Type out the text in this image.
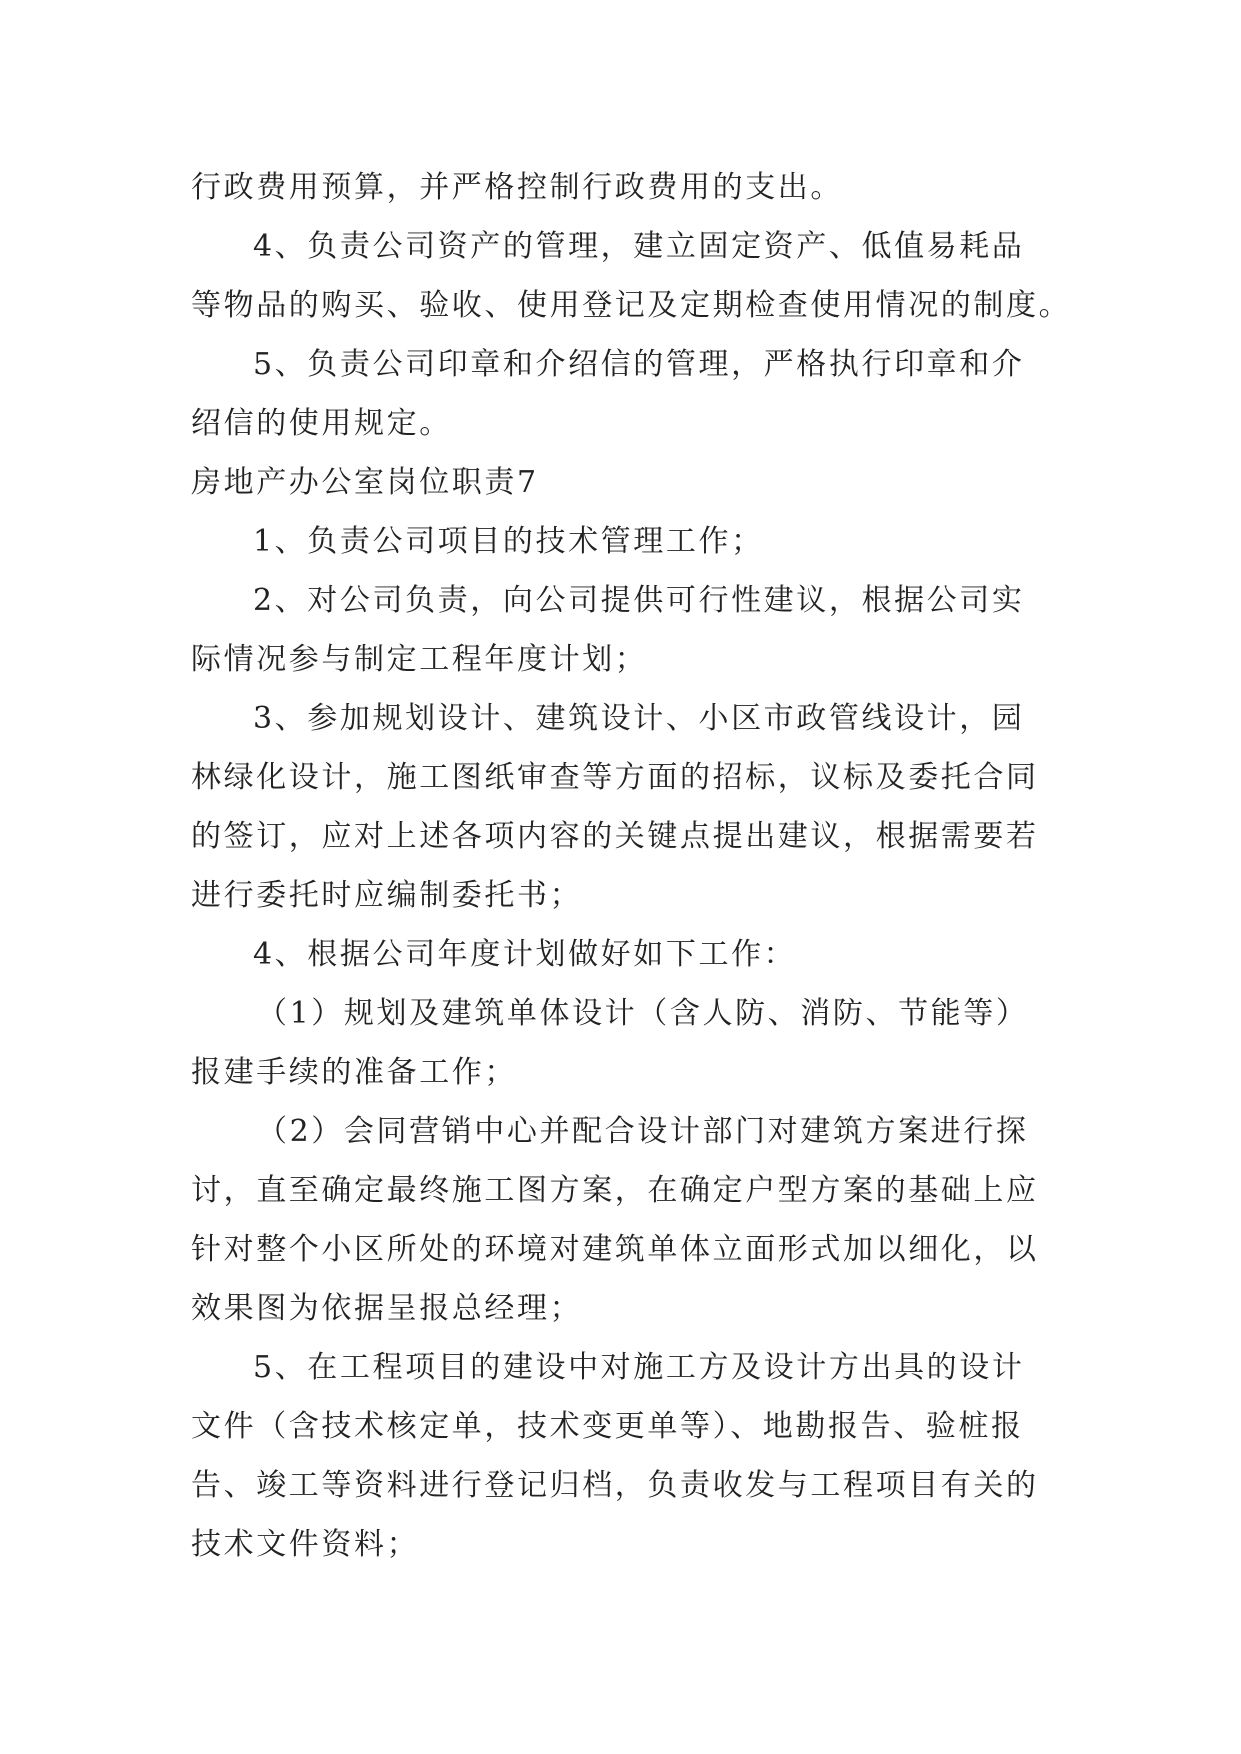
行政费用预算，并严格控制行政费用的支出。
4、负责公司资产的管理，建立固定资产、低值易耗品
等物品的购买、验收、使用登记及定期检查使用情况的制度。
5、负责公司印章和介绍信的管理，严格执行印章和介
绍信的使用规定。
房地产办公室岗位职责7
1、负责公司项目的技术管理工作；
2、对公司负责，向公司提供可行性建议，根据公司实
际情况参与制定工程年度计划；
3、参加规划设计、建筑设计、小区市政管线设计，园
林绿化设计，施工图纸审查等方面的招标，议标及委托合同
的签订，应对上述各项内容的关键点提出建议，根据需要若
进行委托时应编制委托书；
4、根据公司年度计划做好如下工作：
（1）规划及建筑单体设计（含人防、消防、节能等）
报建手续的准备工作；
（2）会同营销中心并配合设计部门对建筑方案进行探
讨，直至确定最终施工图方案，在确定户型方案的基础上应
针对整个小区所处的环境对建筑单体立面形式加以细化，以
效果图为依据呈报总经理；
5、在工程项目的建设中对施工方及设计方出具的设计
文件（含技术核定单，技术变更单等）、地勘报告、验桩报
告、竣工等资料进行登记归档，负责收发与工程项目有关的
技术文件资料；
